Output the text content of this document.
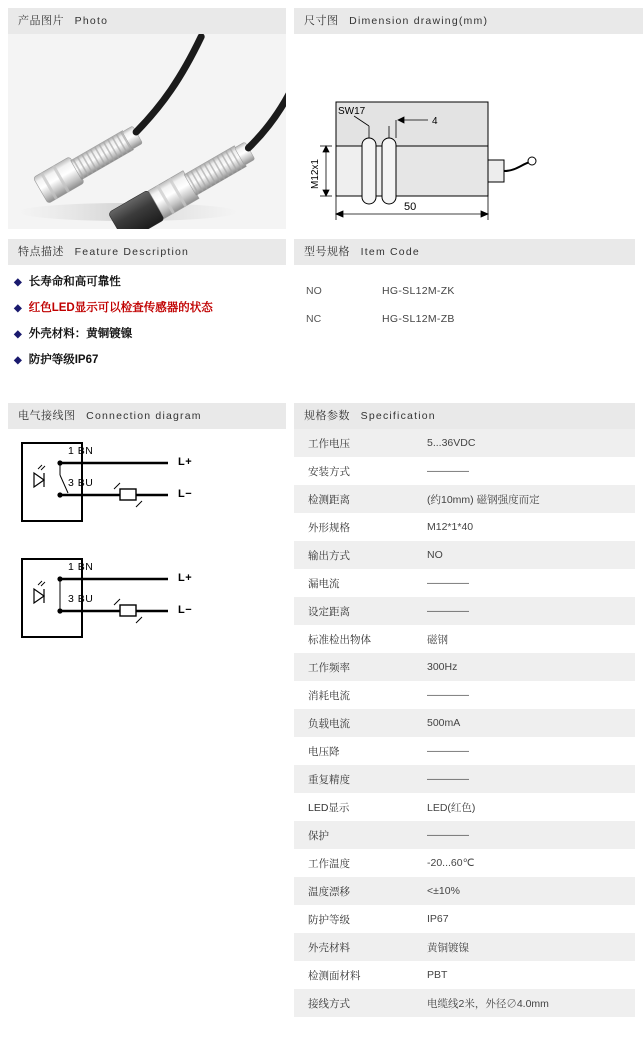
产品图片 Photo	尺寸图 Dimension drawing(mm)
SW17
4
M12x1
50
特点描述 Feature Description
◆ 长寿命和高可靠性
◆ 红色LED显示可以检查传感器的状态
◆ 外壳材料：黄铜镀镍
◆ 防护等级IP67
型号规格 Item Code
NO	HG-SL12M-ZK
NC	HG-SL12M-ZB
电气接线图 Connection diagram
1 BN
3 BU
L+
L−
1 BN
3 BU
L+
L−
规格参数 Specification
工作电压	5...36VDC
安装方式	————
检测距离	(约10mm) 磁钢强度而定
外形规格	M12*1*40
输出方式	NO
漏电流	————
设定距离	————
标准检出物体	磁钢
工作频率	300Hz
消耗电流	————
负载电流	500mA
电压降	————
重复精度	————
LED显示	LED(红色)
保护	————
工作温度	-20...60℃
温度漂移	<±10%
防护等级	IP67
外壳材料	黄铜镀镍
检测面材料	PBT
接线方式	电缆线2米，外径∅4.0mm
